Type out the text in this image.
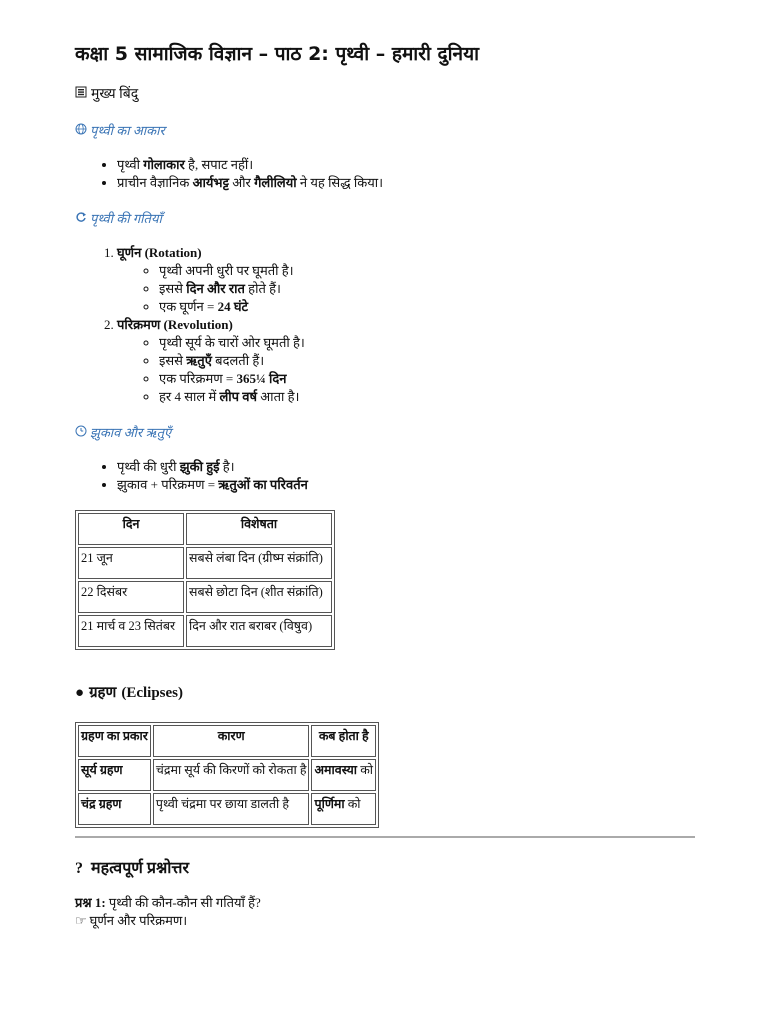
कक्षा 5 सामाजिक विज्ञान – पाठ 2: पृथ्वी – हमारी दुनिया
मुख्य बिंदु
पृथ्वी का आकार
• पृथ्वी गोलाकार है, सपाट नहीं।
• प्राचीन वैज्ञानिक आर्यभट्ट और गैलीलियो ने यह सिद्ध किया।
पृथ्वी की गतियाँ
1. घूर्णन (Rotation)
◦ पृथ्वी अपनी धुरी पर घूमती है।
◦ इससे दिन और रात होते हैं।
◦ एक घूर्णन = 24 घंटे
2. परिक्रमण (Revolution)
◦ पृथ्वी सूर्य के चारों ओर घूमती है।
◦ इससे ऋतुएँ बदलती हैं।
◦ एक परिक्रमण = 365¼ दिन
◦ हर 4 साल में लीप वर्ष आता है।
झुकाव और ऋतुएँ
• पृथ्वी की धुरी झुकी हुई है।
• झुकाव + परिक्रमण = ऋतुओं का परिवर्तन
दिन	विशेषता
21 जून	सबसे लंबा दिन (ग्रीष्म संक्रांति)
22 दिसंबर	सबसे छोटा दिन (शीत संक्रांति)
21 मार्च व 23 सितंबर	दिन और रात बराबर (विषुव)
● ग्रहण (Eclipses)
ग्रहण का प्रकार	कारण	कब होता है
सूर्य ग्रहण	चंद्रमा सूर्य की किरणों को रोकता है	अमावस्या को
चंद्र ग्रहण	पृथ्वी चंद्रमा पर छाया डालती है	पूर्णिमा को
? महत्वपूर्ण प्रश्नोत्तर

प्रश्न 1: पृथ्वी की कौन-कौन सी गतियाँ हैं?

☞ घूर्णन और परिक्रमण।
